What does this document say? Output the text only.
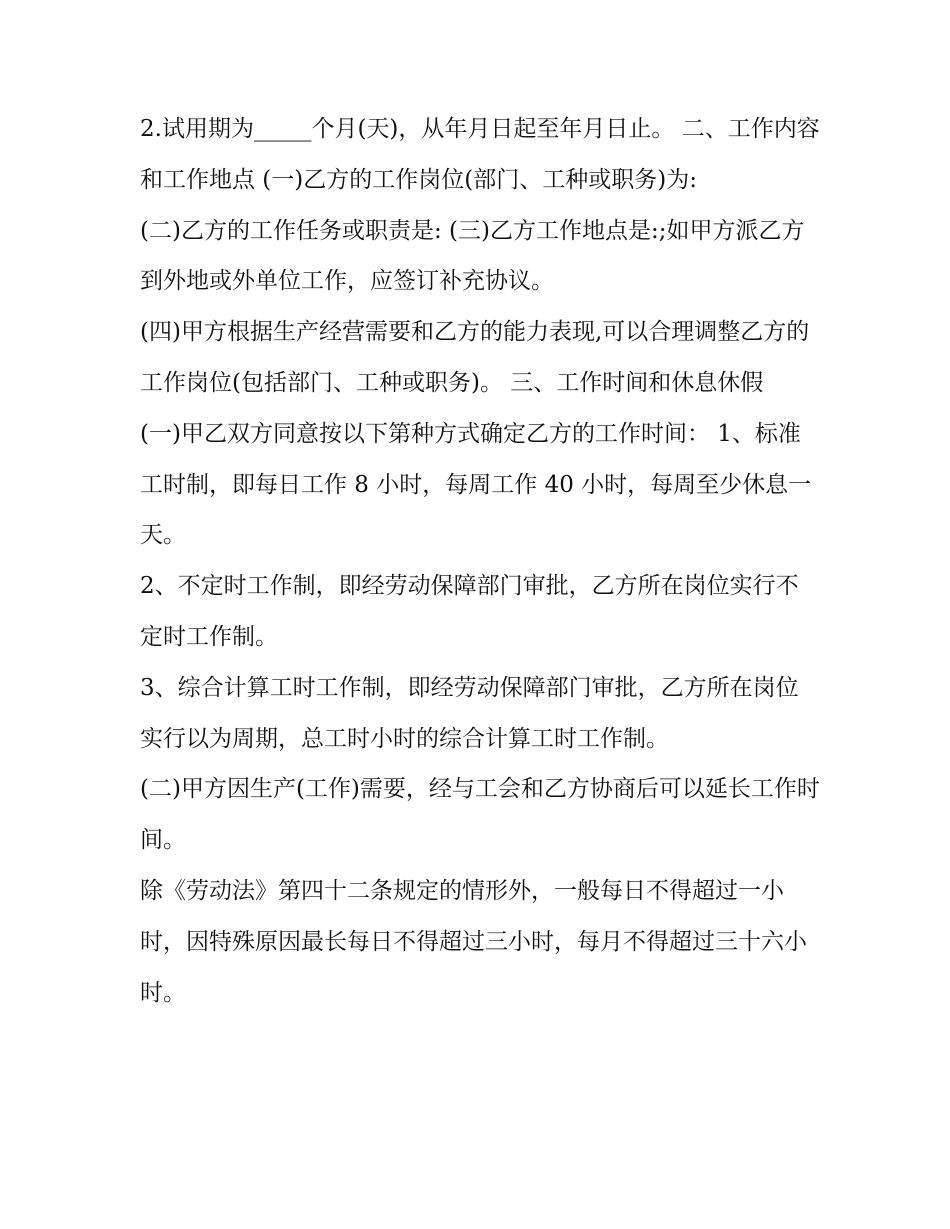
2.试用期为_____个月(天)，从年月日起至年月日止。 二、工作内容和工作地点 (一)乙方的工作岗位(部门、工种或职务)为:

(二)乙方的工作任务或职责是: (三)乙方工作地点是:;如甲方派乙方到外地或外单位工作，应签订补充协议。

(四)甲方根据生产经营需要和乙方的能力表现,可以合理调整乙方的工作岗位(包括部门、工种或职务)。 三、工作时间和休息休假

(一)甲乙双方同意按以下第种方式确定乙方的工作时间： 1、标准工时制，即每日工作 8 小时，每周工作 40 小时，每周至少休息一天。

2、不定时工作制，即经劳动保障部门审批，乙方所在岗位实行不定时工作制。

3、综合计算工时工作制，即经劳动保障部门审批，乙方所在岗位实行以为周期，总工时小时的综合计算工时工作制。

(二)甲方因生产(工作)需要，经与工会和乙方协商后可以延长工作时间。

除《劳动法》第四十二条规定的情形外，一般每日不得超过一小时，因特殊原因最长每日不得超过三小时，每月不得超过三十六小时。
